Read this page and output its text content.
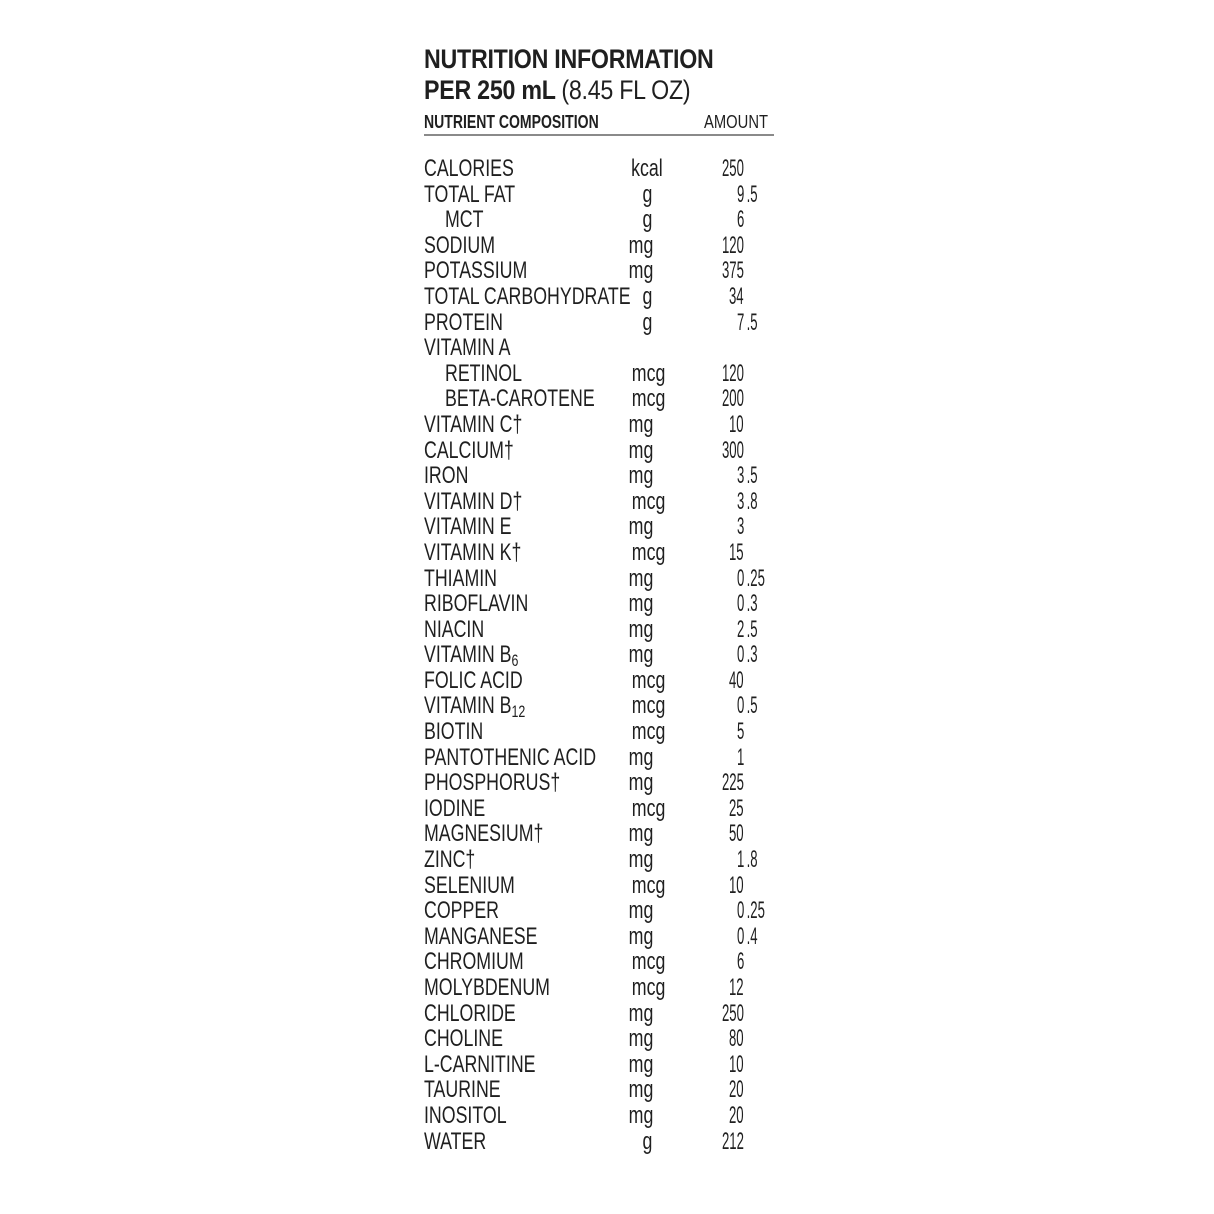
NUTRITION INFORMATION
PER 250 mL (8.45 FL OZ)
NUTRIENT COMPOSITION	AMOUNT
CALORIES	kcal 250
TOTAL FAT	g	9 .5
MCT	g	6
SODIUM	mg	120
POTASSIUM	mg	375
TOTAL CARBOHYDRATE g	34
PROTEIN	g	7 .5
VITAMIN A
RETINOL	mcg 120
BETA-CAROTENE	mcg 200
VITAMIN C†	mg	10
CALCIUM†	mg	300
IRON	mg	3 .5
VITAMIN D†	mcg	3 .8
VITAMIN E	mg	3
VITAMIN K†	mcg	15
THIAMIN	mg	0 .25
RIBOFLAVIN	mg	0 .3
NIACIN	mg	2 .5
VITAMIN B6	mg	0 .3
FOLIC ACID	mcg	40
VITAMIN B12	mcg	0 .5
BIOTIN	mcg	5
PANTOTHENIC ACID	mg	1
PHOSPHORUS†	mg	225
IODINE	mcg	25
MAGNESIUM†	mg	50
ZINC†	mg	1 .8
SELENIUM	mcg	10
COPPER	mg	0 .25
MANGANESE	mg	0 .4
CHROMIUM	mcg	6
MOLYBDENUM	mcg	12
CHLORIDE	mg	250
CHOLINE	mg	80
L-CARNITINE	mg	10
TAURINE	mg	20
INOSITOL	mg	20
WATER	g	212
